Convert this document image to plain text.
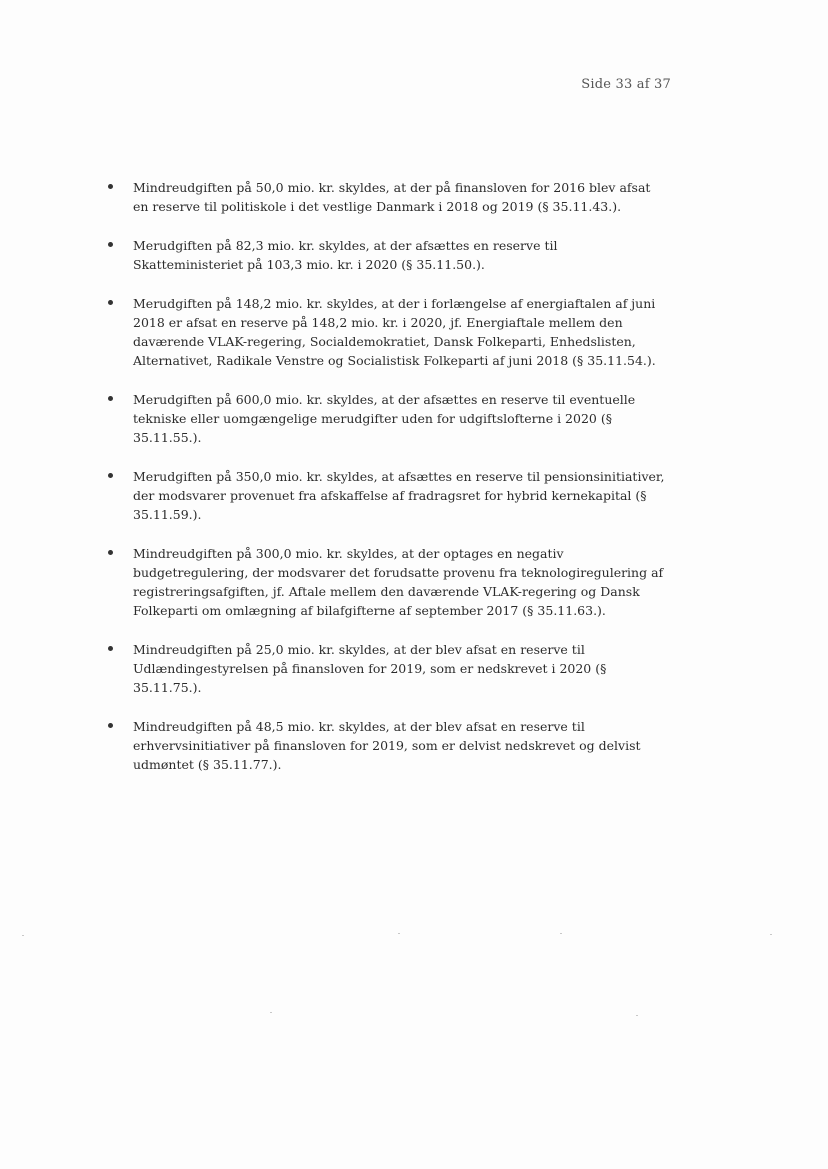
Side 33 af 37
Mindreudgiften på 50,0 mio. kr. skyldes, at der på finansloven for 2016 blev afsat en reserve til politiskole i det vestlige Danmark i 2018 og 2019 (§ 35.11.43.).
Merudgiften på 82,3 mio. kr. skyldes, at der afsættes en reserve til Skatteministeriet på 103,3 mio. kr. i 2020 (§ 35.11.50.).
Merudgiften på 148,2 mio. kr. skyldes, at der i forlængelse af energiaftalen af juni 2018 er afsat en reserve på 148,2 mio. kr. i 2020, jf. Energiaftale mellem den daværende VLAK-regering, Socialdemokratiet, Dansk Folkeparti, Enhedslisten, Alternativet, Radikale Venstre og Socialistisk Folkeparti af juni 2018 (§ 35.11.54.).
Merudgiften på 600,0 mio. kr. skyldes, at der afsættes en reserve til eventuelle tekniske eller uomgængelige merudgifter uden for udgiftslofterne i 2020 (§ 35.11.55.).
Merudgiften på 350,0 mio. kr. skyldes, at afsættes en reserve til pensionsinitiativer, der modsvarer provenuet fra afskaffelse af fradragsret for hybrid kernekapital (§ 35.11.59.).
Mindreudgiften på 300,0 mio. kr. skyldes, at der optages en negativ budgetregulering, der modsvarer det forudsatte provenu fra teknologiregulering af registreringsafgiften, jf. Aftale mellem den daværende VLAK-regering og Dansk Folkeparti om omlægning af bilafgifterne af september 2017 (§ 35.11.63.).
Mindreudgiften på 25,0 mio. kr. skyldes, at der blev afsat en reserve til Udlændingestyrelsen på finansloven for 2019, som er nedskrevet i 2020 (§ 35.11.75.).
Mindreudgiften på 48,5 mio. kr. skyldes, at der blev afsat en reserve til erhvervsinitiativer på finansloven for 2019, som er delvist nedskrevet og delvist udmøntet (§ 35.11.77.).
